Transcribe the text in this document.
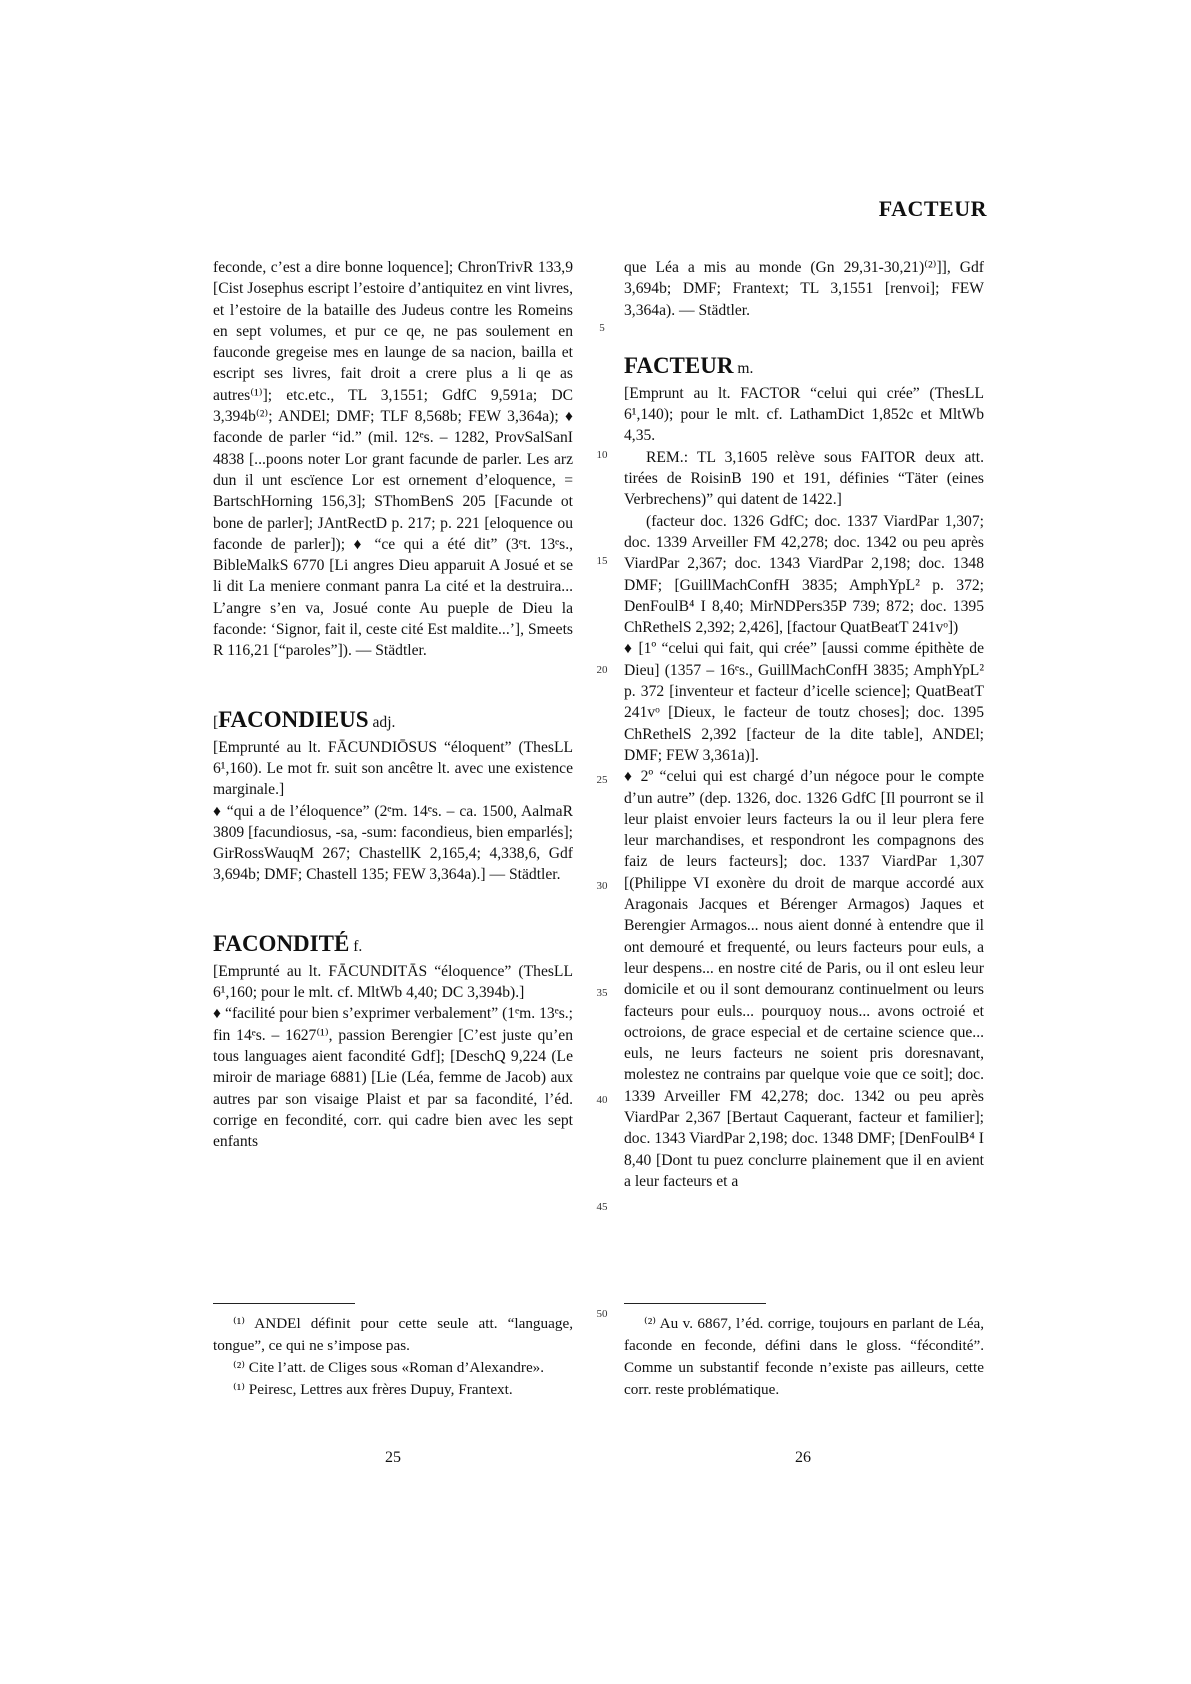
FACTEUR

feconde, c’est a dire bonne loquence]; ChronTrivR 133,9 [Cist Josephus escript l’estoire d’antiquitez en vint livres, et l’estoire de la bataille des Judeus contre les Romeins en sept volumes, et pur ce qe, ne pas soulement en fauconde gregeise mes en launge de sa nacion, bailla et escript ses livres, fait droit a crere plus a li qe as autres⁽¹⁾]; etc.etc., TL 3,1551; GdfC 9,591a; DC 3,394b⁽²⁾; ANDEl; DMF; TLF 8,568b; FEW 3,364a); ♦ faconde de parler “id.” (mil. 12ᵉs. – 1282, ProvSalSanI 4838 [...poons noter Lor grant facunde de parler. Les arz dun il unt escïence Lor est ornement d’eloquence, = BartschHorning 156,3]; SThomBenS 205 [Facunde ot bone de parler]; JAntRectD p. 217; p. 221 [eloquence ou faconde de parler]); ♦ “ce qui a été dit” (3ᵉt. 13ᵉs., BibleMalkS 6770 [Li angres Dieu apparuit A Josué et se li dit La meniere conmant panra La cité et la destruira... L’angre s’en va, Josué conte Au pueple de Dieu la faconde: ‘Signor, fait il, ceste cité Est maldite...’], Smeets R 116,21 [“paroles”]). — Städtler.

[FACONDIEUS adj.

[Emprunté au lt. FĀCUNDIŌSUS “éloquent” (ThesLL 6¹,160). Le mot fr. suit son ancêtre lt. avec une existence marginale.]

♦ “qui a de l’éloquence” (2ᵉm. 14ᵉs. – ca. 1500, AalmaR 3809 [facundiosus, -sa, -sum: facondieus, bien emparlés]; GirRossWauqM 267; ChastellK 2,165,4; 4,338,6, Gdf 3,694b; DMF; Chastell 135; FEW 3,364a).] — Städtler.

FACONDITÉ f.

[Emprunté au lt. FĀCUNDITĀS “éloquence” (ThesLL 6¹,160; pour le mlt. cf. MltWb 4,40; DC 3,394b).]

♦ “facilité pour bien s’exprimer verbalement” (1ᵉm. 13ᵉs.; fin 14ᵉs. – 1627⁽¹⁾, passion Berengier [C’est juste qu’en tous languages aient facondité Gdf]; [DeschQ 9,224 (Le miroir de mariage 6881) [Lie (Léa, femme de Jacob) aux autres par son visaige Plaist et par sa facondité, l’éd. corrige en fecondité, corr. qui cadre bien avec les sept enfants

que Léa a mis au monde (Gn 29,31-30,21)⁽²⁾]], Gdf 3,694b; DMF; Frantext; TL 3,1551 [renvoi]; FEW 3,364a). — Städtler.

FACTEUR m.

[Emprunt au lt. FACTOR “celui qui crée” (ThesLL 6¹,140); pour le mlt. cf. LathamDict 1,852c et MltWb 4,35.

REM.: TL 3,1605 relève sous FAITOR deux att. tirées de RoisinB 190 et 191, définies “Täter (eines Verbrechens)” qui datent de 1422.]

(facteur doc. 1326 GdfC; doc. 1337 ViardPar 1,307; doc. 1339 Arveiller FM 42,278; doc. 1342 ou peu après ViardPar 2,367; doc. 1343 ViardPar 2,198; doc. 1348 DMF; [GuillMachConfH 3835; AmphYpL² p. 372; DenFoulB⁴ I 8,40; MirNDPers35P 739; 872; doc. 1395 ChRethelS 2,392; 2,426], [factour QuatBeatT 241vᵒ])

♦ [1º “celui qui fait, qui crée” [aussi comme épithète de Dieu] (1357 – 16ᵉs., GuillMachConfH 3835; AmphYpL² p. 372 [inventeur et facteur d’icelle science]; QuatBeatT 241vᵒ [Dieux, le facteur de toutz choses]; doc. 1395 ChRethelS 2,392 [facteur de la dite table], ANDEl; DMF; FEW 3,361a)].

♦ 2º “celui qui est chargé d’un négoce pour le compte d’un autre” (dep. 1326, doc. 1326 GdfC [Il pourront se il leur plaist envoier leurs facteurs la ou il leur plera fere leur marchandises, et respondront les compagnons des faiz de leurs facteurs]; doc. 1337 ViardPar 1,307 [(Philippe VI exonère du droit de marque accordé aux Aragonais Jacques et Bérenger Armagos) Jaques et Berengier Armagos... nous aient donné à entendre que il ont demouré et frequenté, ou leurs facteurs pour euls, a leur despens... en nostre cité de Paris, ou il ont esleu leur domicile et ou il sont demouranz continuelment ou leurs facteurs pour euls... pourquoy nous... avons octroié et octroions, de grace especial et de certaine science que... euls, ne leurs facteurs ne soient pris doresnavant, molestez ne contrains par quelque voie que ce soit]; doc. 1339 Arveiller FM 42,278; doc. 1342 ou peu après ViardPar 2,367 [Bertaut Caquerant, facteur et familier]; doc. 1343 ViardPar 2,198; doc. 1348 DMF; [DenFoulB⁴ I 8,40 [Dont tu puez conclurre plainement que il en avient a leur facteurs et a

5
10
15
20
25
30
35
40
45
50

⁽¹⁾ ANDEl définit pour cette seule att. “language, tongue”, ce qui ne s’impose pas.

⁽²⁾ Cite l’att. de Cliges sous «Roman d’Alexandre».

⁽¹⁾ Peiresc, Lettres aux frères Dupuy, Frantext.

⁽²⁾ Au v. 6867, l’éd. corrige, toujours en parlant de Léa, faconde en feconde, défini dans le gloss. “fécondité”. Comme un substantif feconde n’existe pas ailleurs, cette corr. reste problématique.

25	26
